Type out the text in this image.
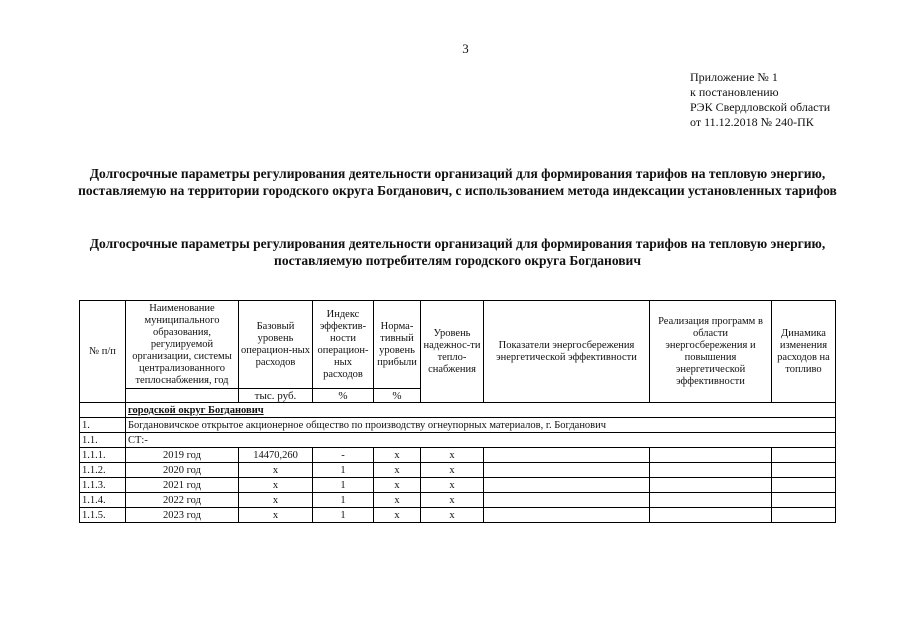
3
Приложение № 1
к постановлению
РЭК Свердловской области
от 11.12.2018 № 240-ПК
Долгосрочные параметры регулирования деятельности организаций для формирования тарифов на тепловую энергию, поставляемую на территории городского округа Богданович, с использованием метода индексации установленных тарифов
Долгосрочные параметры регулирования деятельности организаций для формирования тарифов на тепловую энергию, поставляемую потребителям городского округа Богданович
№ п/п	Наименование муниципального образования, регулируемой организации, системы централизованного теплоснабжения, год	Базовый уровень операцион-ных расходов	Индекс эффектив-ности операцион-ных расходов	Норма-тивный уровень прибыли	Уровень надежнос-ти тепло-снабжения	Показатели энергосбережения энергетической эффективности	Реализация программ в области энергосбережения и повышения энергетической эффективности	Динамика изменения расходов на топливо
		тыс. руб.	%	%				
	городской округ Богданович							
1.	Богдановичское открытое акционерное общество по производству огнеупорных материалов, г. Богданович							
1.1.	СТ:-							
1.1.1.	2019 год	14470,260	-	х	х			
1.1.2.	2020 год	х	1	х	х			
1.1.3.	2021 год	х	1	х	х			
1.1.4.	2022 год	х	1	х	х			
1.1.5.	2023 год	х	1	х	х			
